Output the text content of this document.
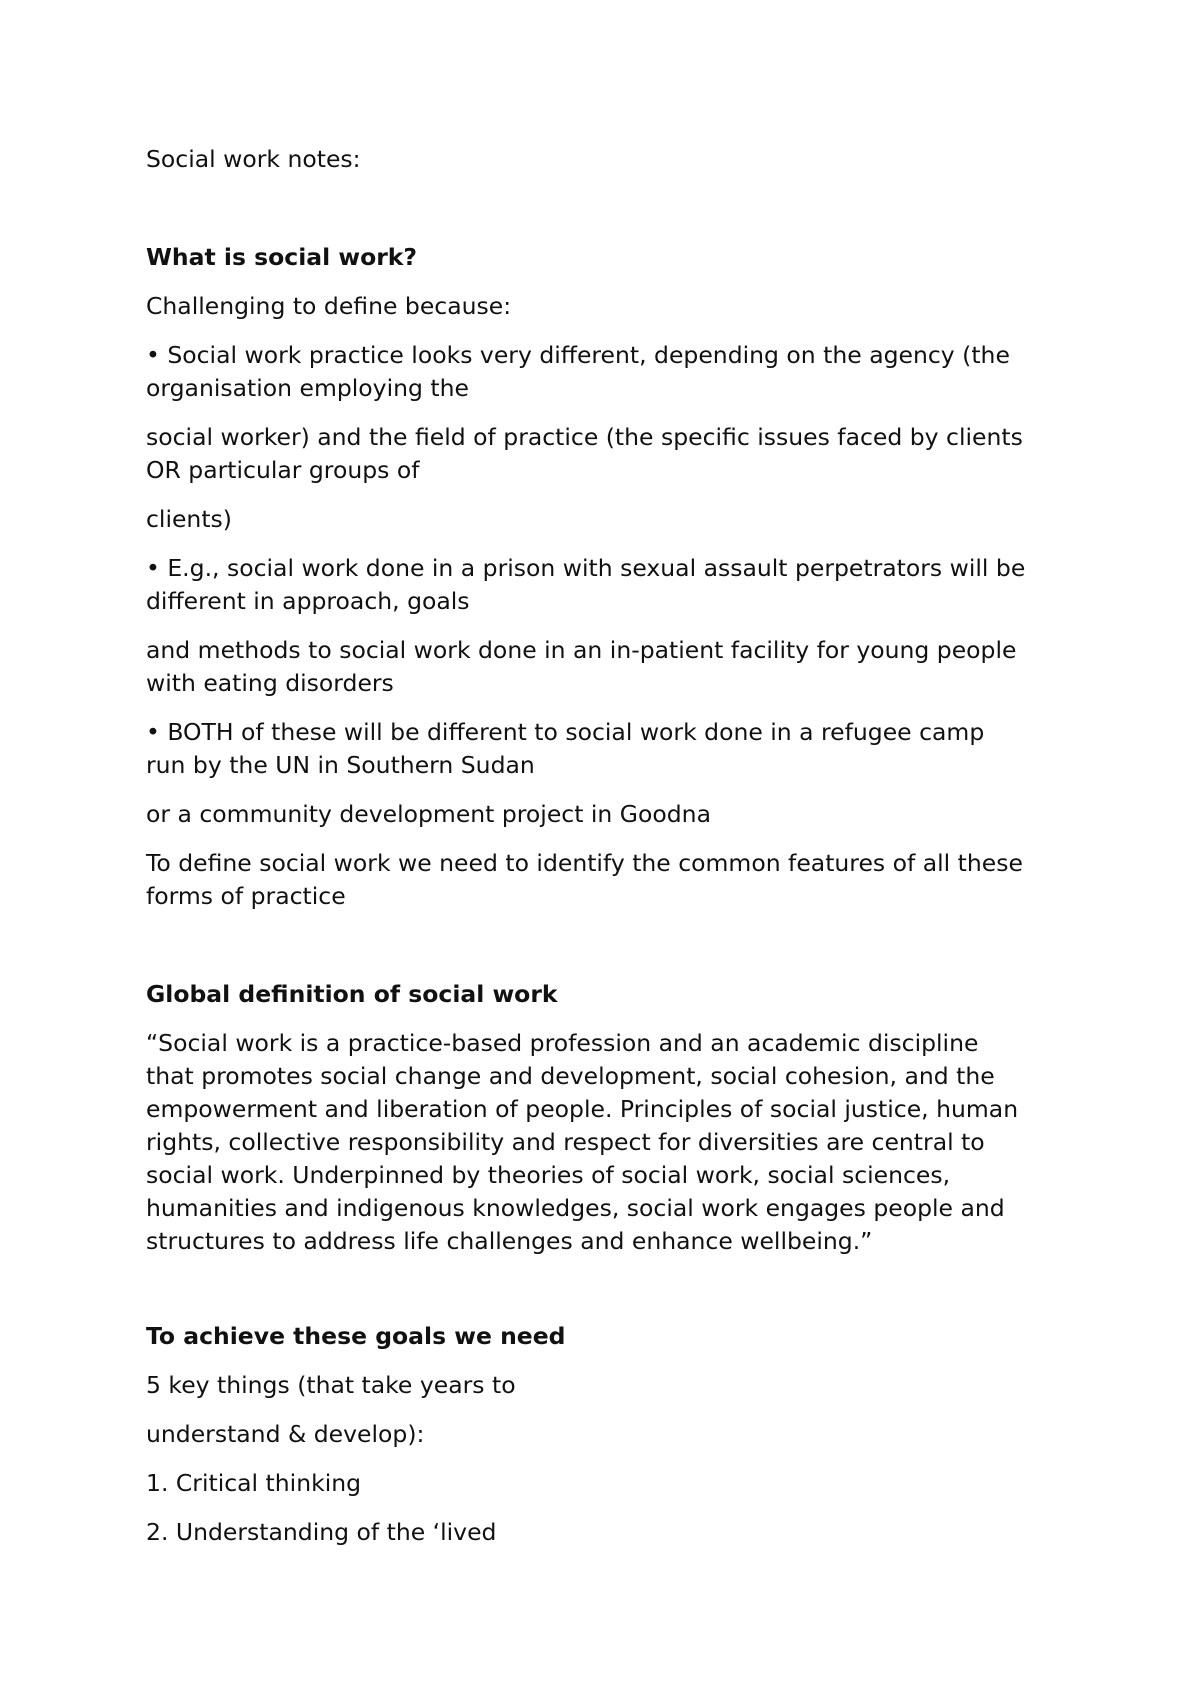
Social work notes:
What is social work?
Challenging to define because:
• Social work practice looks very different, depending on the agency (the
organisation employing the
social worker) and the field of practice (the specific issues faced by clients
OR particular groups of
clients)
• E.g., social work done in a prison with sexual assault perpetrators will be
different in approach, goals
and methods to social work done in an in-patient facility for young people
with eating disorders
• BOTH of these will be different to social work done in a refugee camp
run by the UN in Southern Sudan
or a community development project in Goodna
To define social work we need to identify the common features of all these
forms of practice
Global definition of social work
“Social work is a practice-based profession and an academic discipline
that promotes social change and development, social cohesion, and the
empowerment and liberation of people. Principles of social justice, human
rights, collective responsibility and respect for diversities are central to
social work. Underpinned by theories of social work, social sciences,
humanities and indigenous knowledges, social work engages people and
structures to address life challenges and enhance wellbeing.”
To achieve these goals we need
5 key things (that take years to
understand & develop):
1. Critical thinking
2. Understanding of the ‘lived
